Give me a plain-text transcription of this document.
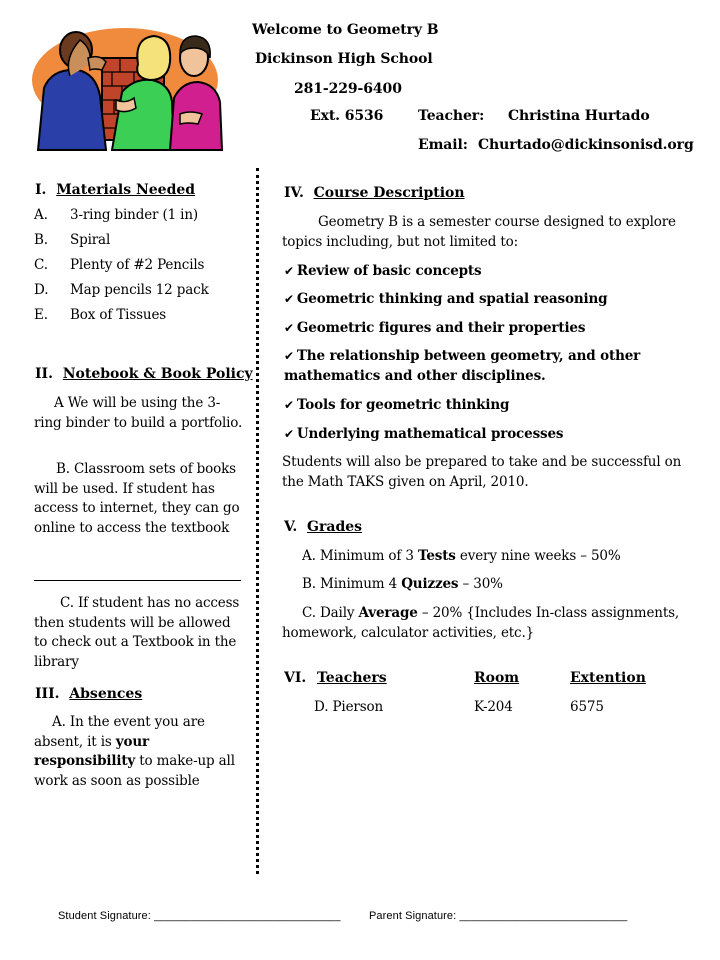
Welcome to Geometry B
Dickinson High School
281-229-6400
Ext. 6536 Teacher: Christina Hurtado
Email: Churtado@dickinsonisd.org
I. Materials Needed
A.	3-ring binder (1 in)
B.	Spiral
C.	Plenty of #2 Pencils
D.	Map pencils 12 pack
E.	Box of Tissues
II. Notebook & Book Policy
A We will be using the 3-ring binder to build a portfolio.
B. Classroom sets of books will be used. If student has access to internet, they can go online to access the textbook
C. If student has no access then students will be allowed to check out a Textbook in the library
III. Absences
A. In the event you are absent, it is your responsibility to make-up all work as soon as possible
IV. Course Description
Geometry B is a semester course designed to explore topics including, but not limited to:
✔ Review of basic concepts
✔ Geometric thinking and spatial reasoning
✔ Geometric figures and their properties
✔ The relationship between geometry, and other mathematics and other disciplines.
✔ Tools for geometric thinking
✔ Underlying mathematical processes
Students will also be prepared to take and be successful on the Math TAKS given on April, 2010.
V. Grades
A. Minimum of 3 Tests every nine weeks – 50%
B. Minimum 4 Quizzes – 30%
C. Daily Average – 20% {Includes In-class assignments, homework, calculator activities, etc.}
VI. Teachers	Room	Extention
D. Pierson	K-204	6575
Student Signature: ______________________________	Parent Signature: ___________________________
